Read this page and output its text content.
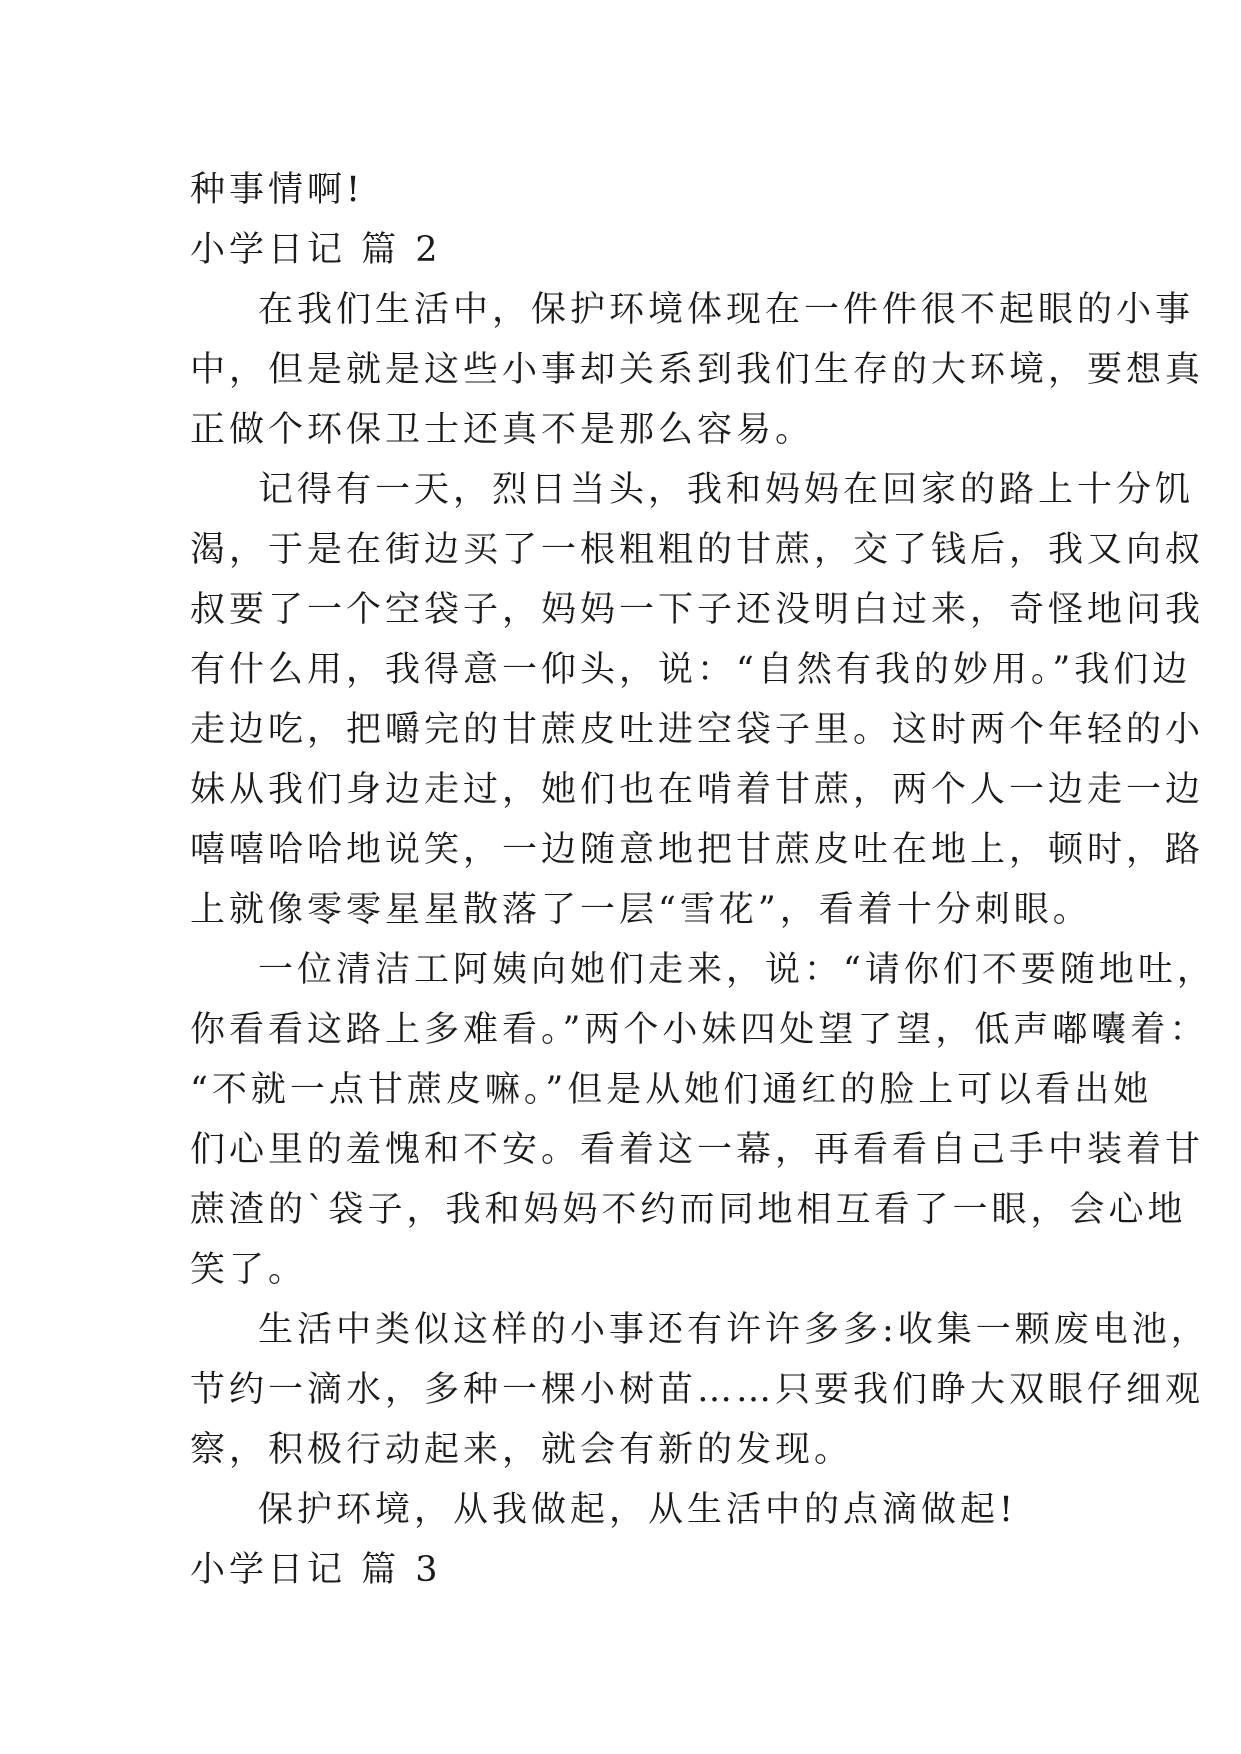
种事情啊!
小学日记 篇 2
在我们生活中，保护环境体现在一件件很不起眼的小事
中，但是就是这些小事却关系到我们生存的大环境，要想真
正做个环保卫士还真不是那么容易。
记得有一天，烈日当头，我和妈妈在回家的路上十分饥
渴，于是在街边买了一根粗粗的甘蔗，交了钱后，我又向叔
叔要了一个空袋子，妈妈一下子还没明白过来，奇怪地问我
有什么用，我得意一仰头，说：“自然有我的妙用。”我们边
走边吃，把嚼完的甘蔗皮吐进空袋子里。这时两个年轻的小
妹从我们身边走过，她们也在啃着甘蔗，两个人一边走一边
嘻嘻哈哈地说笑，一边随意地把甘蔗皮吐在地上，顿时，路
上就像零零星星散落了一层“雪花”，看着十分刺眼。
一位清洁工阿姨向她们走来，说：“请你们不要随地吐，
你看看这路上多难看。”两个小妹四处望了望，低声嘟囔着：
“不就一点甘蔗皮嘛。”但是从她们通红的脸上可以看出她
们心里的羞愧和不安。看着这一幕，再看看自己手中装着甘
蔗渣的`袋子，我和妈妈不约而同地相互看了一眼，会心地
笑了。
生活中类似这样的小事还有许许多多:收集一颗废电池，
节约一滴水，多种一棵小树苗……只要我们睁大双眼仔细观
察，积极行动起来，就会有新的发现。
保护环境，从我做起，从生活中的点滴做起!
小学日记 篇 3
